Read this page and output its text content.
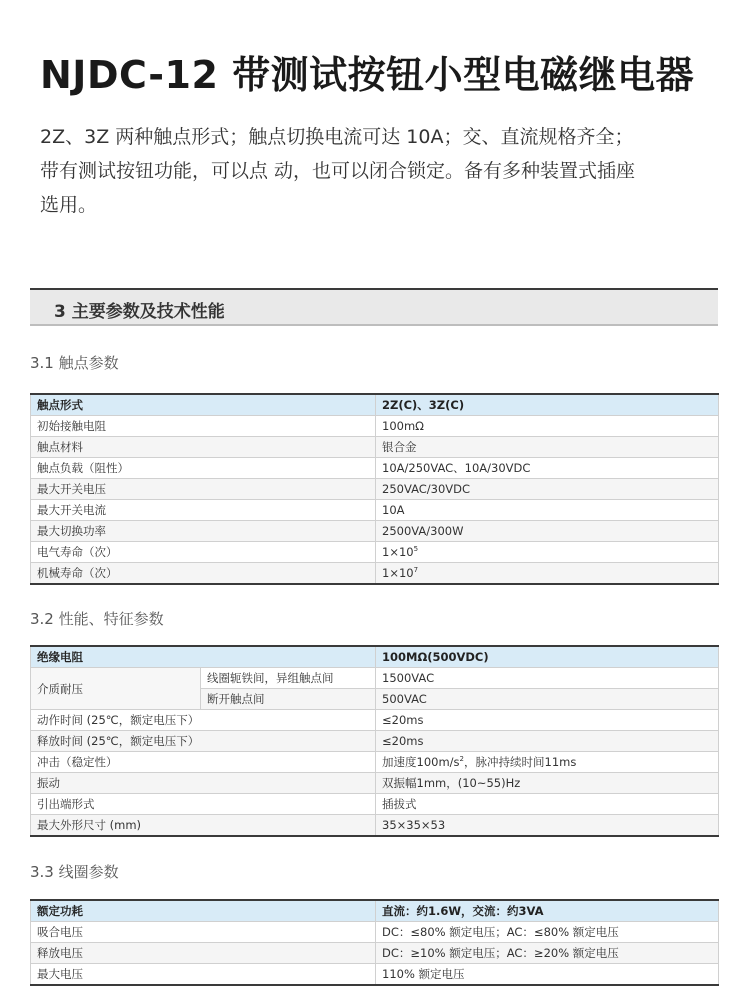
NJDC-12 带测试按钮小型电磁继电器

2Z、3Z 两种触点形式；触点切换电流可达 10A；交、直流规格齐全；

带有测试按钮功能，可以点 动，也可以闭合锁定。备有多种装置式插座

选用。

3 主要参数及技术性能
3.1 触点参数
触点形式	2Z(C)、3Z(C)
初始接触电阻	100mΩ
触点材料	银合金
触点负载（阻性）	10A/250VAC、10A/30VDC
最大开关电压	250VAC/30VDC
最大开关电流	10A
最大切换功率	2500VA/300W
电气寿命（次）	$1\times 10^5$
机械寿命（次）	$1\times 10^7$
3.2 性能、特征参数
绝缘电阻		100MΩ(500VDC)
介质耐压	线圈轭铁间，异组触点间	1500VAC
	断开触点间	500VAC
动作时间 (25℃，额定电压下）		≤20ms
释放时间 (25℃，额定电压下）		≤20ms
冲击（稳定性）		加速度$100m/s^2$，脉冲持续时间11ms
振动		双振幅1mm，(10~55)Hz
引出端形式		插拔式
最大外形尺寸 (mm)		35×35×53
3.3 线圈参数
额定功耗	直流：约1.6W，交流：约3VA
吸合电压	DC：≤80% 额定电压；AC：≤80% 额定电压
释放电压	DC：≥10% 额定电压；AC：≥20% 额定电压
最大电压	110% 额定电压
